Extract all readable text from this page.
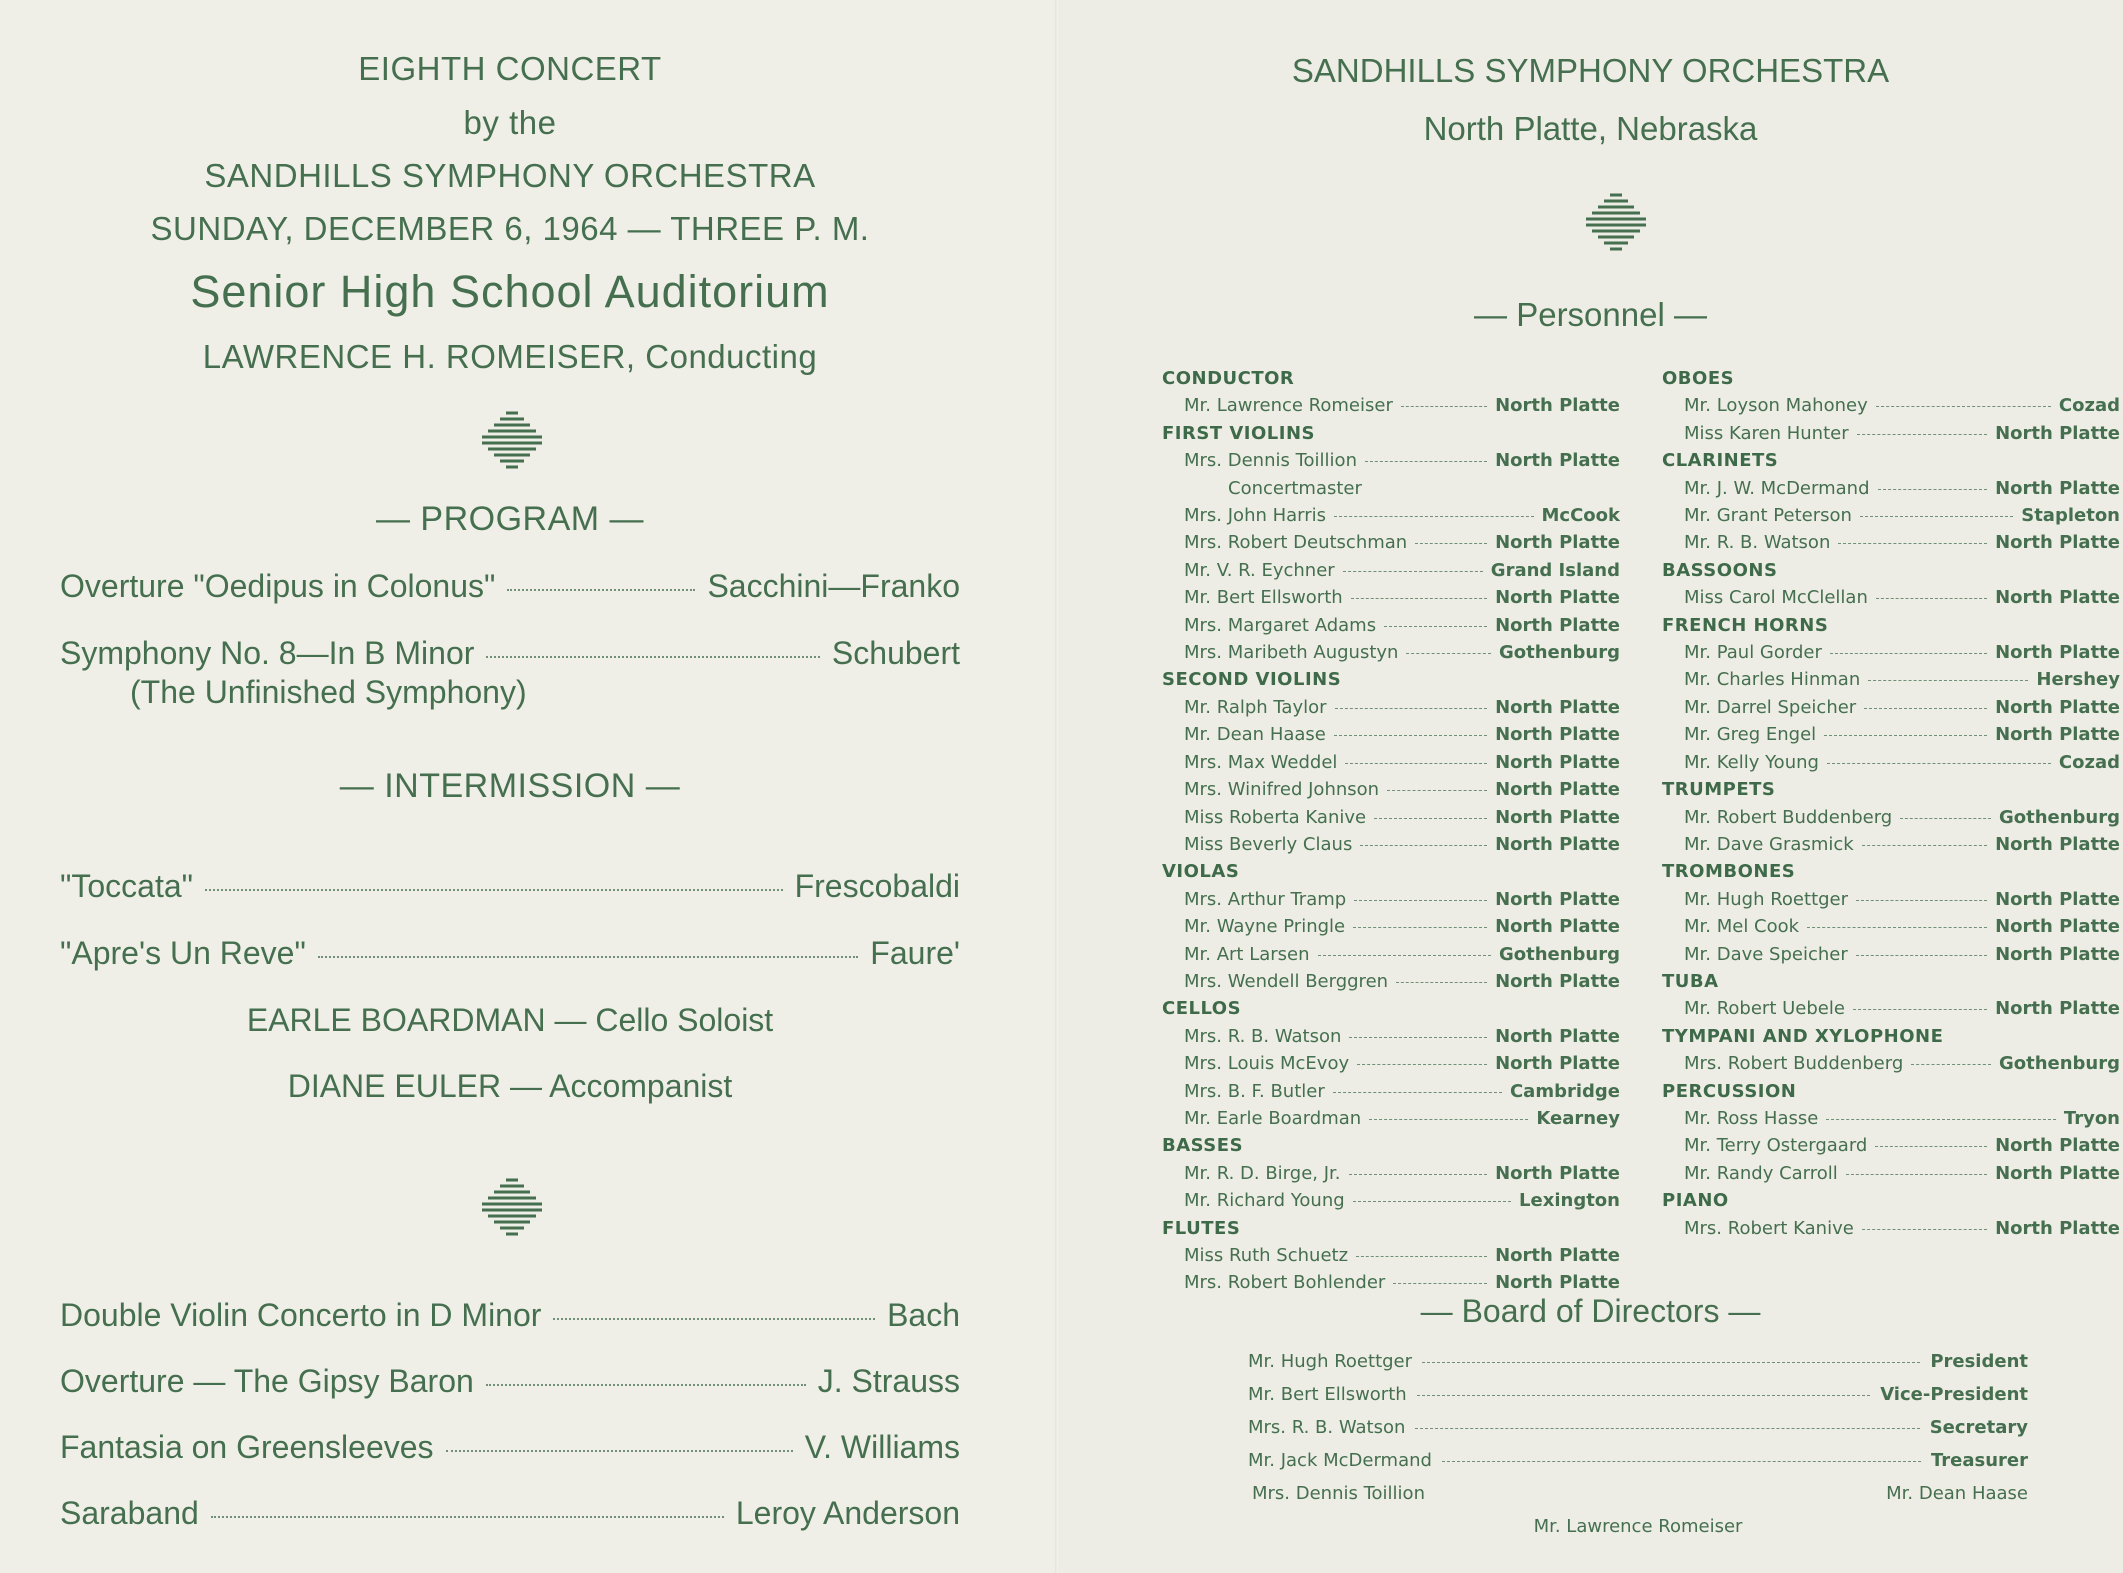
EIGHTH CONCERT
by the
SANDHILLS SYMPHONY ORCHESTRA
SUNDAY, DECEMBER 6, 1964 — THREE P. M.
Senior High School Auditorium
LAWRENCE H. ROMEISER, Conducting
— PROGRAM —
Overture "Oedipus in Colonus"	Sacchini—Franko
Symphony No. 8—In B Minor	Schubert
(The Unfinished Symphony)
— INTERMISSION —
"Toccata"	Frescobaldi
"Apre's Un Reve"	Faure'
EARLE BOARDMAN — Cello Soloist
DIANE EULER — Accompanist
Double Violin Concerto in D Minor	Bach
Overture — The Gipsy Baron	J. Strauss
Fantasia on Greensleeves	V. Williams
Saraband	Leroy Anderson
SANDHILLS SYMPHONY ORCHESTRA
North Platte, Nebraska
— Personnel —
CONDUCTOR
Mr. Lawrence Romeiser	North Platte
FIRST VIOLINS
Mrs. Dennis Toillion	North Platte
Concertmaster
Mrs. John Harris	McCook
Mrs. Robert Deutschman	North Platte
Mr. V. R. Eychner	Grand Island
Mr. Bert Ellsworth	North Platte
Mrs. Margaret Adams	North Platte
Mrs. Maribeth Augustyn	Gothenburg
SECOND VIOLINS
Mr. Ralph Taylor	North Platte
Mr. Dean Haase	North Platte
Mrs. Max Weddel	North Platte
Mrs. Winifred Johnson	North Platte
Miss Roberta Kanive	North Platte
Miss Beverly Claus	North Platte
VIOLAS
Mrs. Arthur Tramp	North Platte
Mr. Wayne Pringle	North Platte
Mr. Art Larsen	Gothenburg
Mrs. Wendell Berggren	North Platte
CELLOS
Mrs. R. B. Watson	North Platte
Mrs. Louis McEvoy	North Platte
Mrs. B. F. Butler	Cambridge
Mr. Earle Boardman	Kearney
BASSES
Mr. R. D. Birge, Jr.	North Platte
Mr. Richard Young	Lexington
FLUTES
Miss Ruth Schuetz	North Platte
Mrs. Robert Bohlender	North Platte
OBOES
Mr. Loyson Mahoney	Cozad
Miss Karen Hunter	North Platte
CLARINETS
Mr. J. W. McDermand	North Platte
Mr. Grant Peterson	Stapleton
Mr. R. B. Watson	North Platte
BASSOONS
Miss Carol McClellan	North Platte
FRENCH HORNS
Mr. Paul Gorder	North Platte
Mr. Charles Hinman	Hershey
Mr. Darrel Speicher	North Platte
Mr. Greg Engel	North Platte
Mr. Kelly Young	Cozad
TRUMPETS
Mr. Robert Buddenberg	Gothenburg
Mr. Dave Grasmick	North Platte
TROMBONES
Mr. Hugh Roettger	North Platte
Mr. Mel Cook	North Platte
Mr. Dave Speicher	North Platte
TUBA
Mr. Robert Uebele	North Platte
TYMPANI AND XYLOPHONE
Mrs. Robert Buddenberg	Gothenburg
PERCUSSION
Mr. Ross Hasse	Tryon
Mr. Terry Ostergaard	North Platte
Mr. Randy Carroll	North Platte
PIANO
Mrs. Robert Kanive	North Platte
— Board of Directors —
Mr. Hugh Roettger	President
Mr. Bert Ellsworth	Vice-President
Mrs. R. B. Watson	Secretary
Mr. Jack McDermand	Treasurer
Mrs. Dennis Toillion	Mr. Dean Haase
Mr. Lawrence Romeiser
